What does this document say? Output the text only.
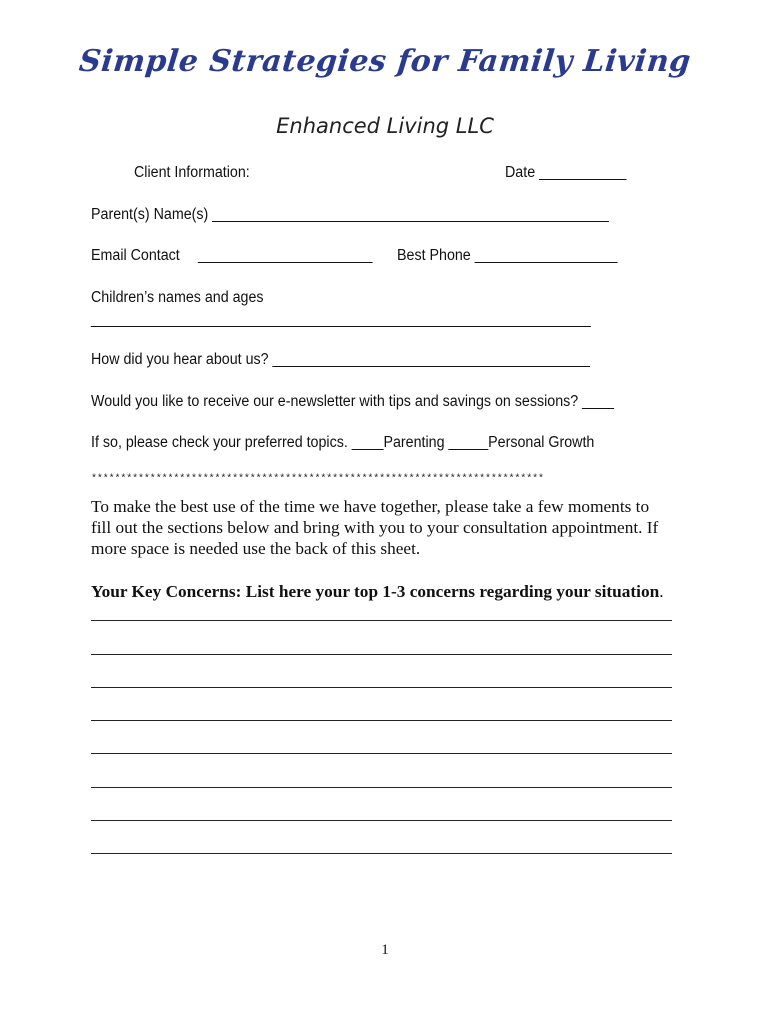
Simple Strategies for Family Living
Enhanced Living LLC
Client Information:	Date ___________
Parent(s) Name(s) __________________________________________________
Email Contact ______________________ Best Phone __________________
Children’s names and ages
_______________________________________________________________
How did you hear about us? ________________________________________
Would you like to receive our e-newsletter with tips and savings on sessions? ____
If so, please check your preferred topics. ____Parenting _____Personal Growth
*****************************************************************************
To make the best use of the time we have together, please take a few moments to
fill out the sections below and bring with you to your consultation appointment. If
more space is needed use the back of this sheet.
Your Key Concerns: List here your top 1-3 concerns regarding your situation.
1
